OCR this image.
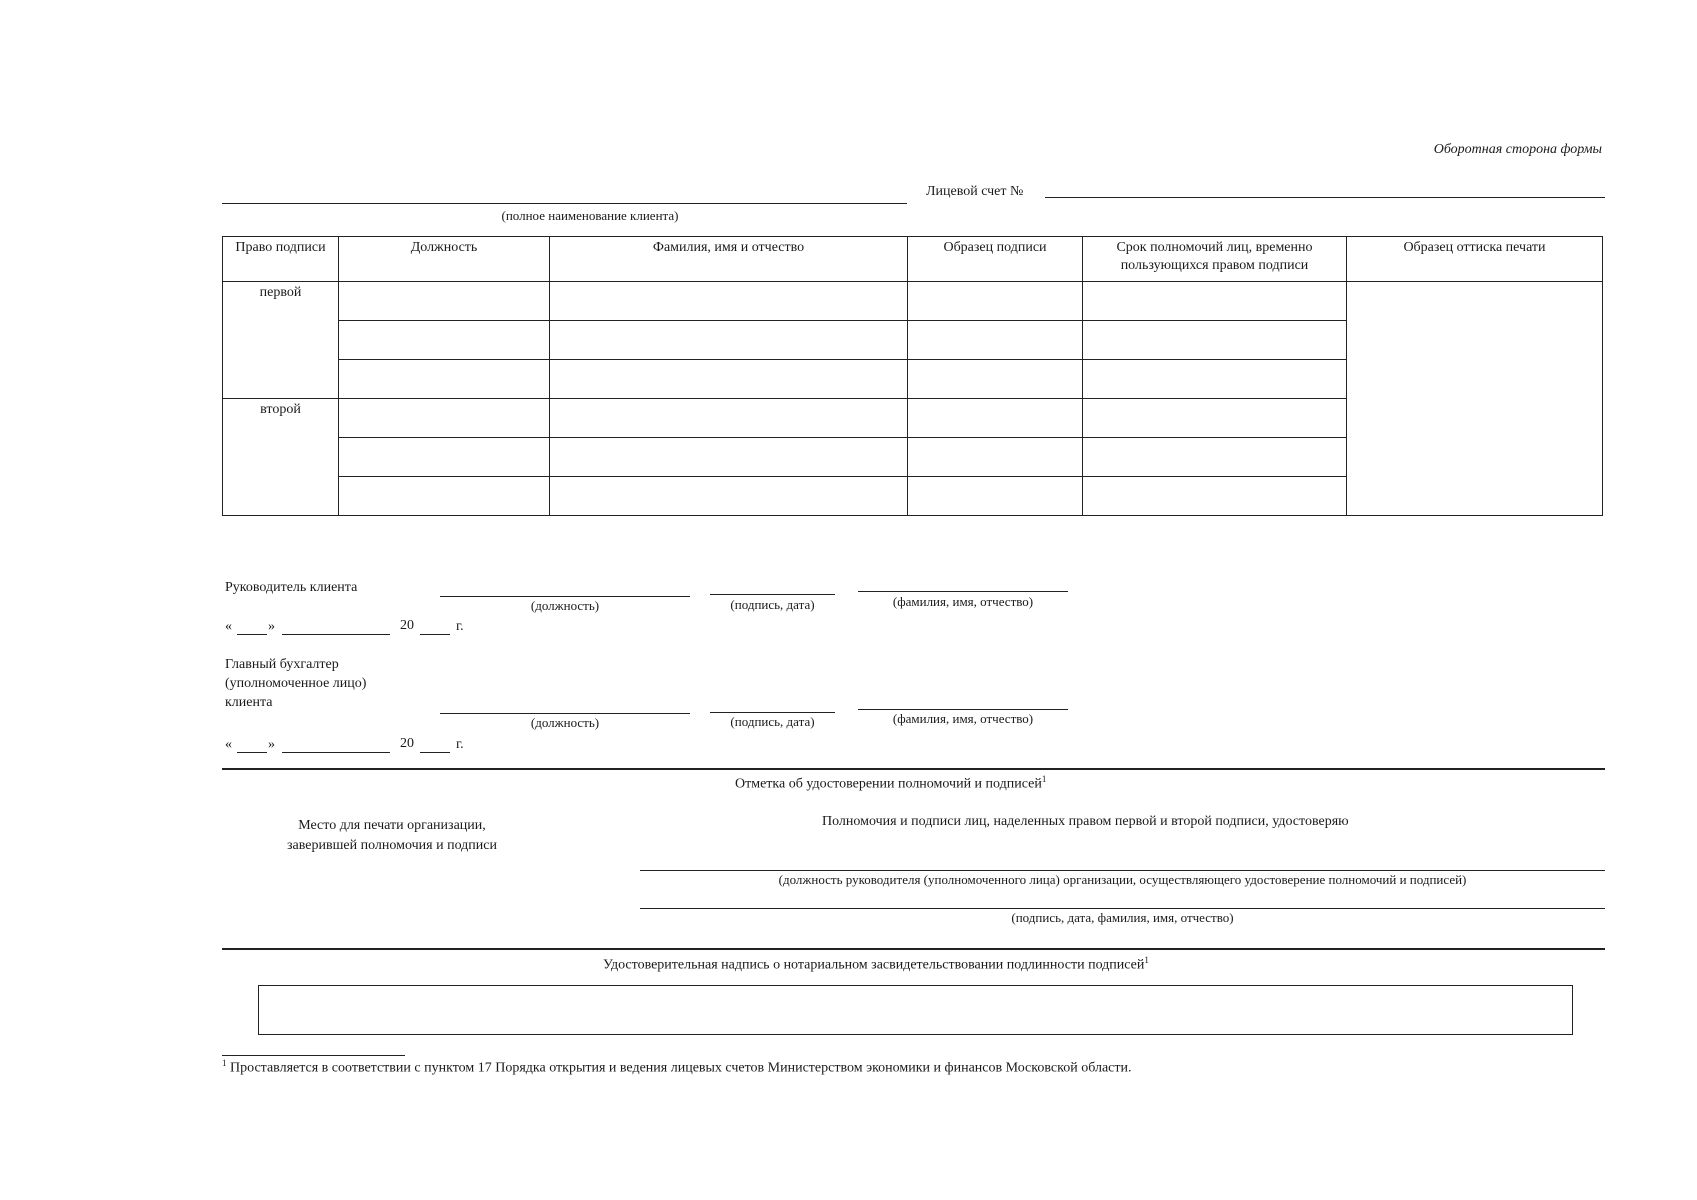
Оборотная сторона формы
Лицевой счет №
(полное наименование клиента)
Право подписи	Должность	Фамилия, имя и отчество	Образец подписи	Срок полномочий лиц, временно пользующихся правом подписи	Образец оттиска печати
первой					

второй					

Руководитель клиента
(должность)	(подпись, дата)	(фамилия, имя, отчество)
«	»	20	г.
Главный бухгалтер
(уполномоченное лицо)
клиента
(должность)	(подпись, дата)	(фамилия, имя, отчество)
«	»	20	г.
Отметка об удостоверении полномочий и подписей$^1$
Место для печати организации,
заверившей полномочия и подписи
Полномочия и подписи лиц, наделенных правом первой и второй подписи, удостоверяю
(должность руководителя (уполномоченного лица) организации, осуществляющего удостоверение полномочий и подписей)
(подпись, дата, фамилия, имя, отчество)
Удостоверительная надпись о нотариальном засвидетельствовании подлинности подписей$^1$
$^1$ Проставляется в соответствии с пунктом 17 Порядка открытия и ведения лицевых счетов Министерством экономики и финансов Московской области.
